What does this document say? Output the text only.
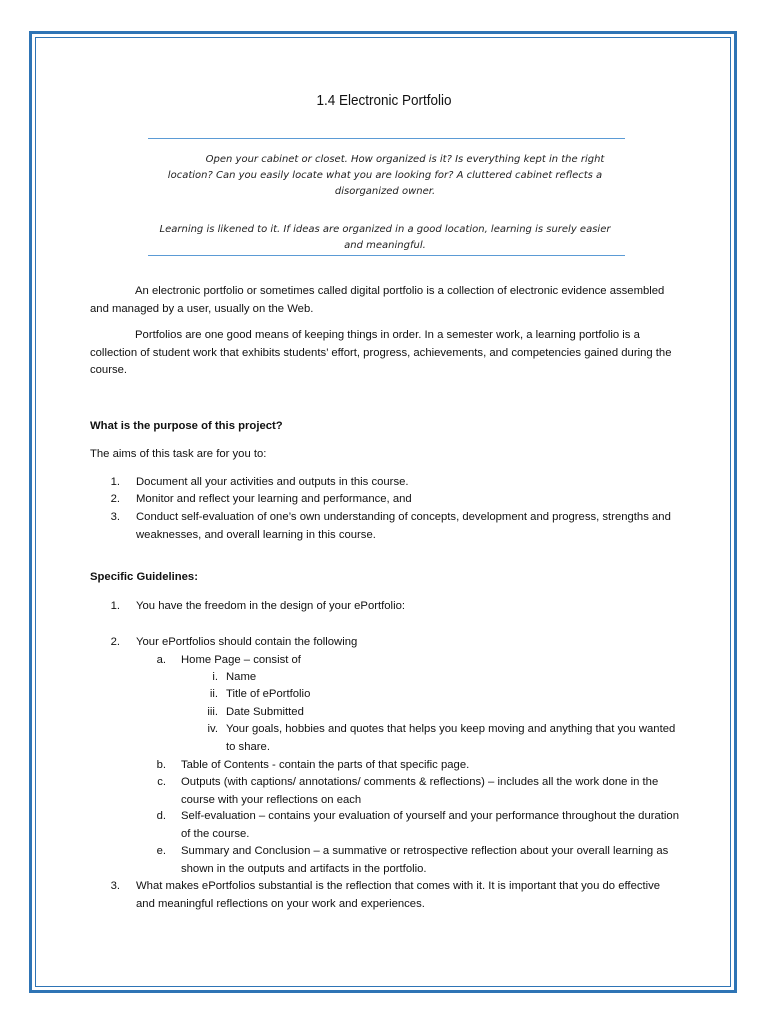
1.4 Electronic Portfolio
Open your cabinet or closet. How organized is it? Is everything kept in the right location? Can you easily locate what you are looking for? A cluttered cabinet reflects a disorganized owner.
Learning is likened to it. If ideas are organized in a good location, learning is surely easier and meaningful.
An electronic portfolio or sometimes called digital portfolio is a collection of electronic evidence assembled and managed by a user, usually on the Web.
Portfolios are one good means of keeping things in order. In a semester work, a learning portfolio is a collection of student work that exhibits students’ effort, progress, achievements, and competencies gained during the course.
What is the purpose of this project?
The aims of this task are for you to:
1. Document all your activities and outputs in this course.
2. Monitor and reflect your learning and performance, and
3. Conduct self-evaluation of one’s own understanding of concepts, development and progress, strengths and weaknesses, and overall learning in this course.
Specific Guidelines:
1. You have the freedom in the design of your ePortfolio:
2. Your ePortfolios should contain the following
a. Home Page – consist of
i. Name
ii. Title of ePortfolio
iii. Date Submitted
iv. Your goals, hobbies and quotes that helps you keep moving and anything that you wanted to share.
b. Table of Contents - contain the parts of that specific page.
c. Outputs (with captions/ annotations/ comments & reflections) – includes all the work done in the course with your reflections on each
d. Self-evaluation – contains your evaluation of yourself and your performance throughout the duration of the course.
e. Summary and Conclusion – a summative or retrospective reflection about your overall learning as shown in the outputs and artifacts in the portfolio.
3. What makes ePortfolios substantial is the reflection that comes with it. It is important that you do effective and meaningful reflections on your work and experiences.
